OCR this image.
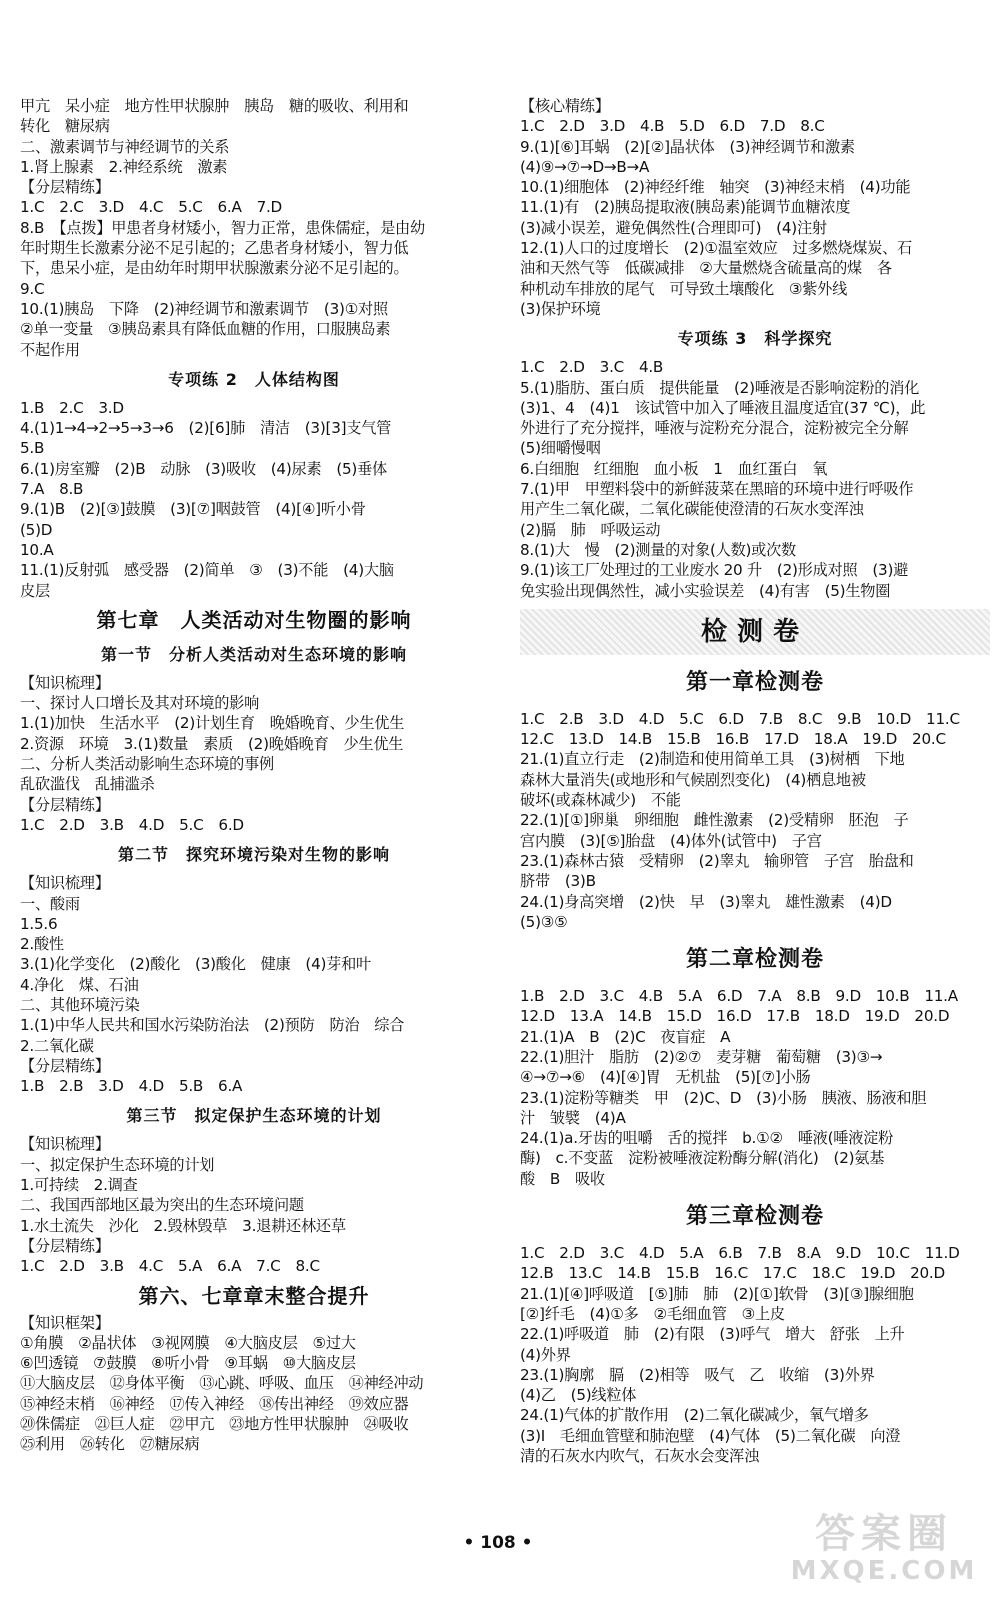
甲亢　呆小症　地方性甲状腺肿　胰岛　糖的吸收、利用和
转化　糖尿病
二、激素调节与神经调节的关系
1.肾上腺素　2.神经系统　激素
【分层精练】
1.C　2.C　3.D　4.C　5.C　6.A　7.D
8.B　【点拨】甲患者身材矮小，智力正常，患侏儒症，是由幼
年时期生长激素分泌不足引起的；乙患者身材矮小，智力低
下，患呆小症，是由幼年时期甲状腺激素分泌不足引起的。
9.C
10.(1)胰岛　下降　(2)神经调节和激素调节　(3)①对照
②单一变量　③胰岛素具有降低血糖的作用，口服胰岛素
不起作用
专项练 2　人体结构图
1.B　2.C　3.D
4.(1)1→4→2→5→3→6　(2)[6]肺　清洁　(3)[3]支气管
5.B
6.(1)房室瓣　(2)B　动脉　(3)吸收　(4)尿素　(5)垂体
7.A　8.B
9.(1)B　(2)[③]鼓膜　(3)[⑦]咽鼓管　(4)[④]听小骨
(5)D
10.A
11.(1)反射弧　感受器　(2)简单　③　(3)不能　(4)大脑
皮层
第七章　人类活动对生物圈的影响
第一节　分析人类活动对生态环境的影响
【知识梳理】
一、探讨人口增长及其对环境的影响
1.(1)加快　生活水平　(2)计划生育　晚婚晚育、少生优生
2.资源　环境　3.(1)数量　素质　(2)晚婚晚育　少生优生
二、分析人类活动影响生态环境的事例
乱砍滥伐　乱捕滥杀
【分层精练】
1.C　2.D　3.B　4.D　5.C　6.D
第二节　探究环境污染对生物的影响
【知识梳理】
一、酸雨
1.5.6
2.酸性
3.(1)化学变化　(2)酸化　(3)酸化　健康　(4)芽和叶
4.净化　煤、石油
二、其他环境污染
1.(1)中华人民共和国水污染防治法　(2)预防　防治　综合
2.二氧化碳
【分层精练】
1.B　2.B　3.D　4.D　5.B　6.A
第三节　拟定保护生态环境的计划
【知识梳理】
一、拟定保护生态环境的计划
1.可持续　2.调查
二、我国西部地区最为突出的生态环境问题
1.水土流失　沙化　2.毁林毁草　3.退耕还林还草
【分层精练】
1.C　2.D　3.B　4.C　5.A　6.A　7.C　8.C
第六、七章章末整合提升
【知识框架】
①角膜　②晶状体　③视网膜　④大脑皮层　⑤过大
⑥凹透镜　⑦鼓膜　⑧听小骨　⑨耳蜗　⑩大脑皮层
⑪大脑皮层　⑫身体平衡　⑬心跳、呼吸、血压　⑭神经冲动
⑮神经末梢　⑯神经　⑰传入神经　⑱传出神经　⑲效应器
⑳侏儒症　㉑巨人症　㉒甲亢　㉓地方性甲状腺肿　㉔吸收
㉕利用　㉖转化　㉗糖尿病
【核心精练】
1.C　2.D　3.D　4.B　5.D　6.D　7.D　8.C
9.(1)[⑥]耳蜗　(2)[②]晶状体　(3)神经调节和激素
(4)⑨→⑦→D→B→A
10.(1)细胞体　(2)神经纤维　轴突　(3)神经末梢　(4)功能
11.(1)有　(2)胰岛提取液(胰岛素)能调节血糖浓度
(3)减小误差，避免偶然性(合理即可)　(4)注射
12.(1)人口的过度增长　(2)①温室效应　过多燃烧煤炭、石
油和天然气等　低碳减排　②大量燃烧含硫量高的煤　各
种机动车排放的尾气　可导致土壤酸化　③紫外线
(3)保护环境
专项练 3　科学探究
1.C　2.D　3.C　4.B
5.(1)脂肪、蛋白质　提供能量　(2)唾液是否影响淀粉的消化
(3)1、4　(4)1　该试管中加入了唾液且温度适宜(37 ℃)，此
外进行了充分搅拌，唾液与淀粉充分混合，淀粉被完全分解
(5)细嚼慢咽
6.白细胞　红细胞　血小板　1　血红蛋白　氧
7.(1)甲　甲塑料袋中的新鲜菠菜在黑暗的环境中进行呼吸作
用产生二氧化碳，二氧化碳能使澄清的石灰水变浑浊
(2)膈　肺　呼吸运动
8.(1)大　慢　(2)测量的对象(人数)或次数
9.(1)该工厂处理过的工业废水 20 升　(2)形成对照　(3)避
免实验出现偶然性，减小实验误差　(4)有害　(5)生物圈
检测卷
第一章检测卷
1.C　2.B　3.D　4.D　5.C　6.D　7.B　8.C　9.B　10.D　11.C
12.C　13.D　14.B　15.B　16.B　17.D　18.A　19.D　20.C
21.(1)直立行走　(2)制造和使用简单工具　(3)树栖　下地
森林大量消失(或地形和气候剧烈变化)　(4)栖息地被
破坏(或森林减少)　不能
22.(1)[①]卵巢　卵细胞　雌性激素　(2)受精卵　胚泡　子
宫内膜　(3)[⑤]胎盘　(4)体外(试管中)　子宫
23.(1)森林古猿　受精卵　(2)睾丸　输卵管　子宫　胎盘和
脐带　(3)B
24.(1)身高突增　(2)快　早　(3)睾丸　雄性激素　(4)D
(5)③⑤
第二章检测卷
1.B　2.D　3.C　4.B　5.A　6.D　7.A　8.B　9.D　10.B　11.A
12.D　13.A　14.B　15.D　16.D　17.B　18.D　19.D　20.D
21.(1)A　B　(2)C　夜盲症　A
22.(1)胆汁　脂肪　(2)②⑦　麦芽糖　葡萄糖　(3)③→
④→⑦→⑥　(4)[④]胃　无机盐　(5)[⑦]小肠
23.(1)淀粉等糖类　甲　(2)C、D　(3)小肠　胰液、肠液和胆
汁　皱襞　(4)A
24.(1)a.牙齿的咀嚼　舌的搅拌　b.①②　唾液(唾液淀粉
酶)　c.不变蓝　淀粉被唾液淀粉酶分解(消化)　(2)氨基
酸　B　吸收
第三章检测卷
1.C　2.D　3.C　4.D　5.A　6.B　7.B　8.A　9.D　10.C　11.D
12.B　13.C　14.B　15.B　16.C　17.C　18.C　19.D　20.D
21.(1)[④]呼吸道　[⑤]肺　肺　(2)[①]软骨　(3)[③]腺细胞
[②]纤毛　(4)①多　②毛细血管　③上皮
22.(1)呼吸道　肺　(2)有限　(3)呼气　增大　舒张　上升
(4)外界
23.(1)胸廓　膈　(2)相等　吸气　乙　收缩　(3)外界
(4)乙　(5)线粒体
24.(1)气体的扩散作用　(2)二氧化碳减少，氧气增多
(3)Ⅰ　毛细血管壁和肺泡壁　(4)气体　(5)二氧化碳　向澄
清的石灰水内吹气，石灰水会变浑浊
• 108 •	答案圈
MXQE.COM
